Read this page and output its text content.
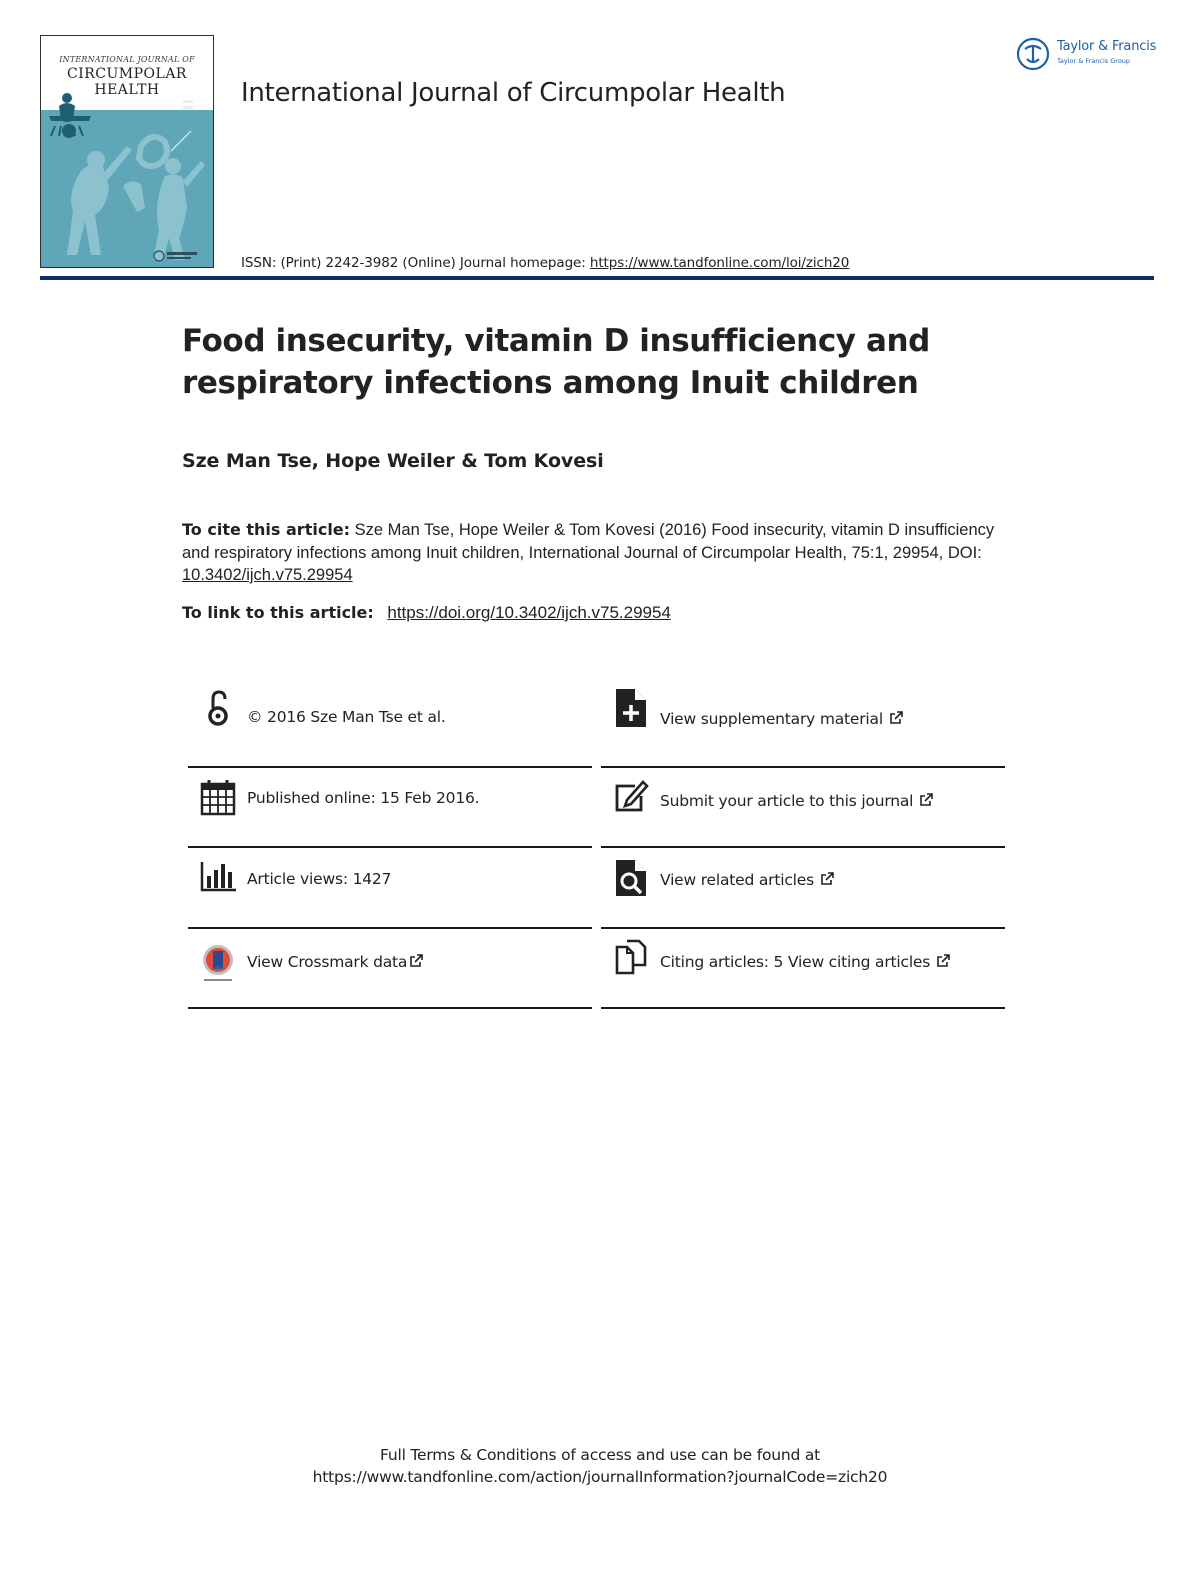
INTERNATIONAL JOURNAL OF
CIRCUMPOLAR
HEALTH	International Journal of Circumpolar Health
ISSN: (Print) 2242-3982 (Online) Journal homepage: https://www.tandfonline.com/loi/zich20
Taylor & Francis
Taylor & Francis Group
Food insecurity, vitamin D insufficiency and respiratory infections among Inuit children
Sze Man Tse, Hope Weiler & Tom Kovesi
To cite this article: Sze Man Tse, Hope Weiler & Tom Kovesi (2016) Food insecurity, vitamin D insufficiency and respiratory infections among Inuit children, International Journal of Circumpolar Health, 75:1, 29954, DOI: 10.3402/ijch.v75.29954
To link to this article: https://doi.org/10.3402/ijch.v75.29954
© 2016 Sze Man Tse et al.	View supplementary material
Published online: 15 Feb 2016.	Submit your article to this journal
Article views: 1427	View related articles
View Crossmark data	Citing articles: 5 View citing articles
Full Terms & Conditions of access and use can be found at
https://www.tandfonline.com/action/journalInformation?journalCode=zich20
